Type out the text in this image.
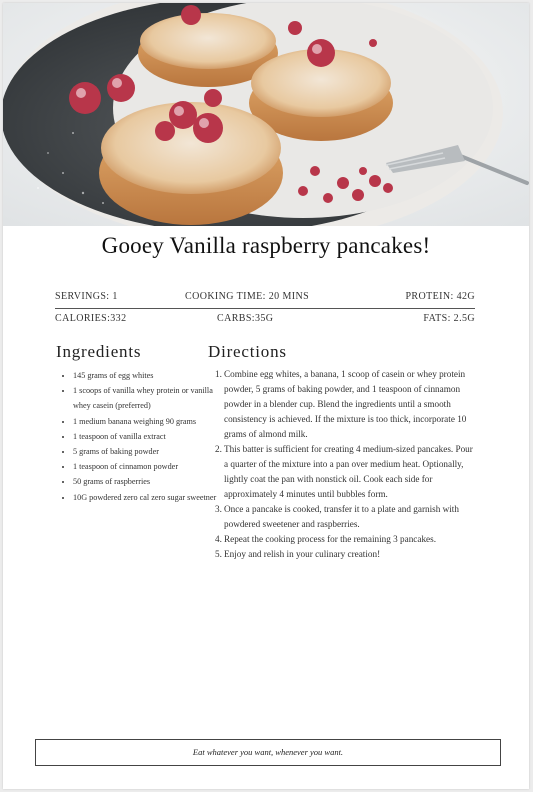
Gooey Vanilla raspberry pancakes!
SERVINGS: 1	COOKING TIME: 20 MINS	PROTEIN: 42G
CALORIES:332	CARBS:35G	FATS: 2.5G
Ingredients
• 145 grams of egg whites
• 1 scoops of vanilla whey protein or vanilla whey casein (preferred)
• 1 medium banana weighing 90 grams
• 1 teaspoon of vanilla extract
• 5 grams of baking powder
• 1 teaspoon of cinnamon powder
• 50 grams of raspberries
• 10G powdered zero cal zero sugar sweetner
Directions
1. Combine egg whites, a banana, 1 scoop of casein or whey protein powder, 5 grams of baking powder, and 1 teaspoon of cinnamon powder in a blender cup. Blend the ingredients until a smooth consistency is achieved. If the mixture is too thick, incorporate 10 grams of almond milk.
2. This batter is sufficient for creating 4 medium-sized pancakes. Pour a quarter of the mixture into a pan over medium heat. Optionally, lightly coat the pan with nonstick oil. Cook each side for approximately 4 minutes until bubbles form.
3. Once a pancake is cooked, transfer it to a plate and garnish with powdered sweetener and raspberries.
4. Repeat the cooking process for the remaining 3 pancakes.
5. Enjoy and relish in your culinary creation!
Eat whatever you want, whenever you want.
